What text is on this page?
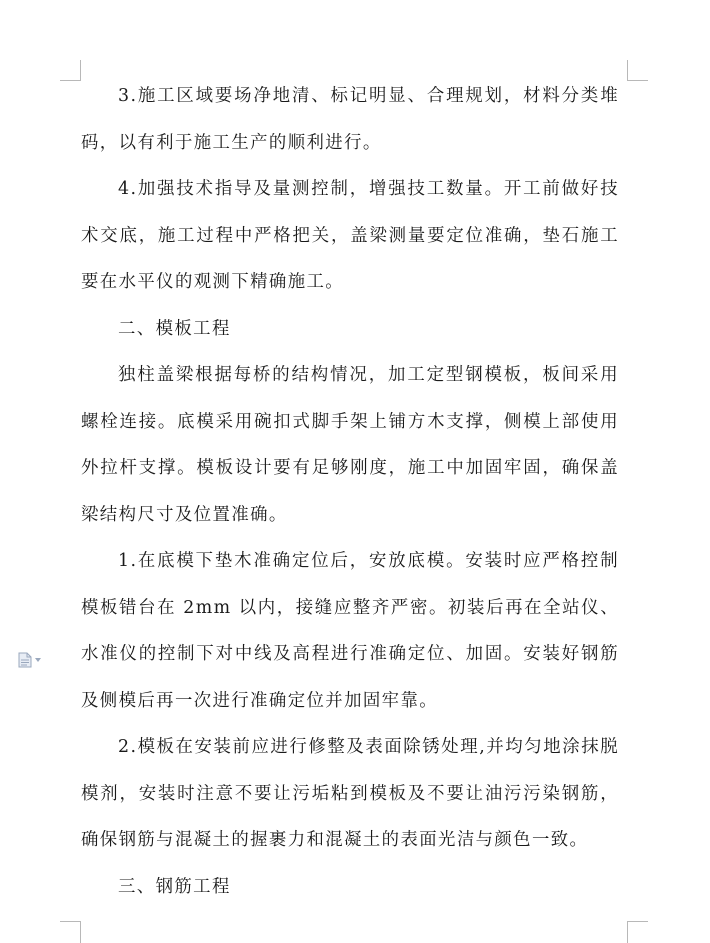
3.施工区域要场净地清、标记明显、合理规划，材料分类堆码，以有利于施工生产的顺利进行。

4.加强技术指导及量测控制，增强技工数量。开工前做好技术交底，施工过程中严格把关，盖梁测量要定位准确，垫石施工要在水平仪的观测下精确施工。

二、模板工程

独柱盖梁根据每桥的结构情况，加工定型钢模板，板间采用螺栓连接。底模采用碗扣式脚手架上铺方木支撑，侧模上部使用外拉杆支撑。模板设计要有足够刚度，施工中加固牢固，确保盖梁结构尺寸及位置准确。

1.在底模下垫木准确定位后，安放底模。安装时应严格控制模板错台在 2mm 以内，接缝应整齐严密。初装后再在全站仪、水准仪的控制下对中线及高程进行准确定位、加固。安装好钢筋及侧模后再一次进行准确定位并加固牢靠。

2.模板在安装前应进行修整及表面除锈处理,并均匀地涂抹脱模剂，安装时注意不要让污垢粘到模板及不要让油污污染钢筋，确保钢筋与混凝土的握裹力和混凝土的表面光洁与颜色一致。

三、钢筋工程
